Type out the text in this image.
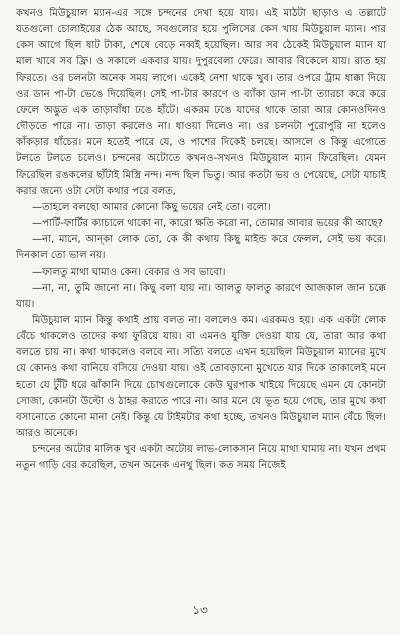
কখনও মিউচুয়াল ম্যান-এর সঙ্গে চন্দনের দেখা হয়ে যায়। এই মাঠটা ছাড়াও এ তল্লাটে যতগুলো চোলাইয়ের ঠেক আছে, সবগুলোর হয়ে পুলিসের কেস খায় মিউচুয়াল ম্যান। পার কেস আগে ছিল ষাট টাকা, শেষে বেড়ে নব্বই হয়েছিল। আর সব ঠেকেই মিউচুয়াল ম্যান যা মাল খাবে সব ফ্রি। ও সকালে একবার যায়। দুপুরবেলা ফেরে। আবার বিকেলে যায়। রাত হয় ফিরতে। ওর চলনটা অনেক সময় লাগে। একেই নেশা থাকে খুব। তার ওপরে ট্রাম ধাক্কা দিয়ে ওর ডান পা-টা ভেঙে দিয়েছিল। সেই পা-টার কারণে ও ব্যাঁকা ডান পা-টা ত্যারচা করে করে ফেলে অদ্ভুত এক তাড়াবাঁধা ঢঙে হাঁটে। একরম ঢঙে যাদের থাকে তারা আর কোনওদিনও দৌড়তে পারে না। তাড়া করলেও না। ধাওয়া দিলেও না। ওর চলনটা পুরোপুরি না হলেও কাঁকড়ার ধাঁচের। মনে হতেই পারে যে, ও পাশের দিকেই চলছে। আসলে ও কিন্তু এগোতে টলতে টলতে চলেও। চন্দনের অটোতে কখনও-সখনও মিউচুয়াল ম্যান ফিরেছিল। যেমন ফিরেছিল রঙকলের ছাঁটাই মিস্ত্রি নন্দ। নন্দ ছিল ভিতু। আর কতটা ভয় ও পেয়েছে, সেটা যাচাই করার জন্যে ওটা সেটা কথার পরে বলত,

—তাহলে বলছো আমার কোনো কিছু ভয়ের নেই তো। বলো।

—পার্টি-ফার্টির ক্যাচালে থাকো না, কারো ক্ষতি করো না, তোমার আবার ভয়ের কী আছে?

—না, মানে, আন্‌কা লোক তো, কে কী কথায় কিছু মাইন্ড করে ফেলল, সেই ভয় করে। দিনকাল তো ভাল নয়।

—ফালতু মাথা ঘামাও কেন। বেকার ও সব ভাবো।

—না, না, তুমি জানো না। কিছু বলা যায় না। আলতু ফালতু কারণে আজকাল জান চক্কে যায়।

মিউচুয়াল ম্যান কিন্তু কথাই প্রায় বলত না। বললেও কম। এরকমও হয়। এক একটা লোক বেঁচে থাকলেও তাদের কথা ফুরিয়ে যায়। বা এমনও যুক্তি দেওয়া যায় যে, তারা আর কথা বলতে চায় না। কথা থাকলেও বলবে না। সত্যি বলতে এখন হয়েছিল মিউচুয়াল ম্যানের মুখে যে কোনও কথা বানিয়ে বসিয়ে দেওয়া যায়। ওই তোবড়ানো মুখেতে যার দিকে তাকালেই মনে হতো যে টুঁটি ধরে ঝাঁকানি দিয়ে চোখগুলোকে কেউ ঘুরপাক খাইয়ে দিয়েছে এমন যে কোনটা সোজা, কোনটা উল্টো ও ঠাহর করাতে পারে না। আর মনে যে ভূত হয়ে গেছে, তার মুখে কথা বসানোতে কোনো মানা নেই। কিন্তু যে টাইমটার কথা হচ্ছে, তখনও মিউচুয়াল ম্যান বেঁচে ছিল। আরও অনেকে।

চন্দনের অটোর মালিক খুব একটা অটোয় লাভ-লোকসান নিয়ে মাথা ঘামায় না। যখন প্রথম নতুন গাড়ি বের করেছিল, তখন অনেক এনথু ছিল। কত সময় নিজেই

১৩
